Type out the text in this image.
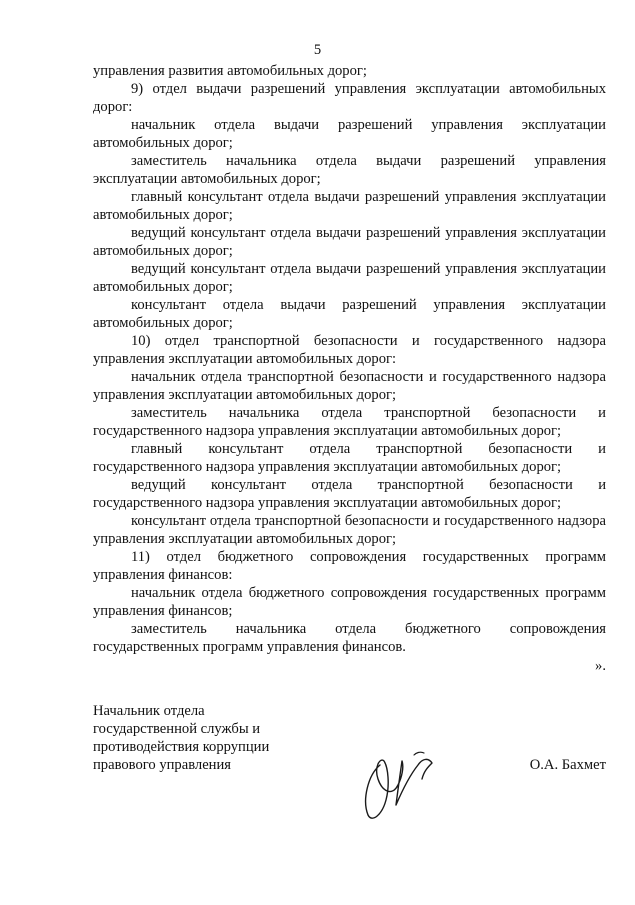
5

управления развития автомобильных дорог;

9) отдел выдачи разрешений управления эксплуатации автомобильных дорог:

начальник отдела выдачи разрешений управления эксплуатации автомобильных дорог;

заместитель начальника отдела выдачи разрешений управления эксплуатации автомобильных дорог;

главный консультант отдела выдачи разрешений управления эксплуатации автомобильных дорог;

ведущий консультант отдела выдачи разрешений управления эксплуатации автомобильных дорог;

ведущий консультант отдела выдачи разрешений управления эксплуатации автомобильных дорог;

консультант отдела выдачи разрешений управления эксплуатации автомобильных дорог;

10) отдел транспортной безопасности и государственного надзора управления эксплуатации автомобильных дорог:

начальник отдела транспортной безопасности и государственного надзора управления эксплуатации автомобильных дорог;

заместитель начальника отдела транспортной безопасности и государственного надзора управления эксплуатации автомобильных дорог;

главный консультант отдела транспортной безопасности и государственного надзора управления эксплуатации автомобильных дорог;

ведущий консультант отдела транспортной безопасности и государственного надзора управления эксплуатации автомобильных дорог;

консультант отдела транспортной безопасности и государственного надзора управления эксплуатации автомобильных дорог;

11) отдел бюджетного сопровождения государственных программ управления финансов:

начальник отдела бюджетного сопровождения государственных программ управления финансов;

заместитель начальника отдела бюджетного сопровождения государственных программ управления финансов.

».
Начальник отдела
государственной службы и
противодействия коррупции
правового управления	О.А. Бахмет
